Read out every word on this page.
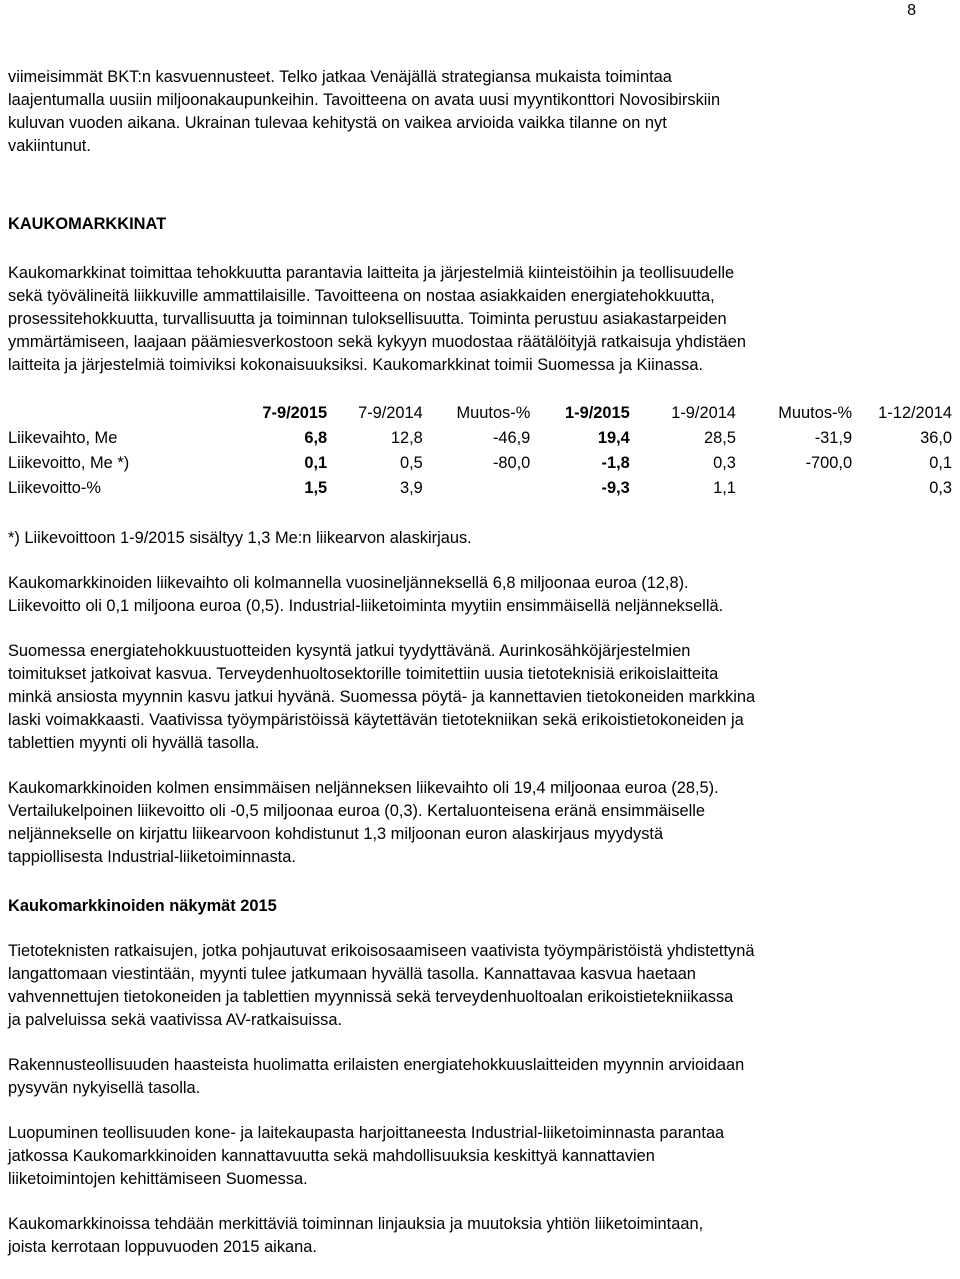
8

viimeisimmät BKT:n kasvuennusteet. Telko jatkaa Venäjällä strategiansa mukaista toimintaa
laajentumalla uusiin miljoonakaupunkeihin. Tavoitteena on avata uusi myyntikonttori Novosibirskiin
kuluvan vuoden aikana. Ukrainan tulevaa kehitystä on vaikea arvioida vaikka tilanne on nyt
vakiintunut.

KAUKOMARKKINAT

Kaukomarkkinat toimittaa tehokkuutta parantavia laitteita ja järjestelmiä kiinteistöihin ja teollisuudelle
sekä työvälineitä liikkuville ammattilaisille. Tavoitteena on nostaa asiakkaiden energiatehokkuutta,
prosessitehokkuutta, turvallisuutta ja toiminnan tuloksellisuutta. Toiminta perustuu asiakastarpeiden
ymmärtämiseen, laajaan päämiesverkostoon sekä kykyyn muodostaa räätälöityjä ratkaisuja yhdistäen
laitteita ja järjestelmiä toimiviksi kokonaisuuksiksi. Kaukomarkkinat toimii Suomessa ja Kiinassa.

	7-9/2015	7-9/2014	Muutos-%	1-9/2015	1-9/2014	Muutos-%	1-12/2014
Liikevaihto, Me	6,8	12,8	-46,9	19,4	28,5	-31,9	36,0
Liikevoitto, Me *)	0,1	0,5	-80,0	-1,8	0,3	-700,0	0,1
Liikevoitto-%	1,5	3,9		-9,3	1,1		0,3

*) Liikevoittoon 1-9/2015 sisältyy 1,3 Me:n liikearvon alaskirjaus.

Kaukomarkkinoiden liikevaihto oli kolmannella vuosineljänneksellä 6,8 miljoonaa euroa (12,8).
Liikevoitto oli 0,1 miljoona euroa (0,5). Industrial-liiketoiminta myytiin ensimmäisellä neljänneksellä.

Suomessa energiatehokkuustuotteiden kysyntä jatkui tyydyttävänä. Aurinkosähköjärjestelmien
toimitukset jatkoivat kasvua. Terveydenhuoltosektorille toimitettiin uusia tietoteknisiä erikoislaitteita
minkä ansiosta myynnin kasvu jatkui hyvänä. Suomessa pöytä- ja kannettavien tietokoneiden markkina
laski voimakkaasti. Vaativissa työympäristöissä käytettävän tietotekniikan sekä erikoistietokoneiden ja
tablettien myynti oli hyvällä tasolla.

Kaukomarkkinoiden kolmen ensimmäisen neljänneksen liikevaihto oli 19,4 miljoonaa euroa (28,5).
Vertailukelpoinen liikevoitto oli -0,5 miljoonaa euroa (0,3). Kertaluonteisena eränä ensimmäiselle
neljännekselle on kirjattu liikearvoon kohdistunut 1,3 miljoonan euron alaskirjaus myydystä
tappiollisesta Industrial-liiketoiminnasta.

Kaukomarkkinoiden näkymät 2015

Tietoteknisten ratkaisujen, jotka pohjautuvat erikoisosaamiseen vaativista työympäristöistä yhdistettynä
langattomaan viestintään, myynti tulee jatkumaan hyvällä tasolla. Kannattavaa kasvua haetaan
vahvennettujen tietokoneiden ja tablettien myynnissä sekä terveydenhuoltoalan erikoistietekniikassa
ja palveluissa sekä vaativissa AV-ratkaisuissa.

Rakennusteollisuuden haasteista huolimatta erilaisten energiatehokkuuslaitteiden myynnin arvioidaan
pysyvän nykyisellä tasolla.

Luopuminen teollisuuden kone- ja laitekaupasta harjoittaneesta Industrial-liiketoiminnasta parantaa
jatkossa Kaukomarkkinoiden kannattavuutta sekä mahdollisuuksia keskittyä kannattavien
liiketoimintojen kehittämiseen Suomessa.

Kaukomarkkinoissa tehdään merkittäviä toiminnan linjauksia ja muutoksia yhtiön liiketoimintaan,
joista kerrotaan loppuvuoden 2015 aikana.
